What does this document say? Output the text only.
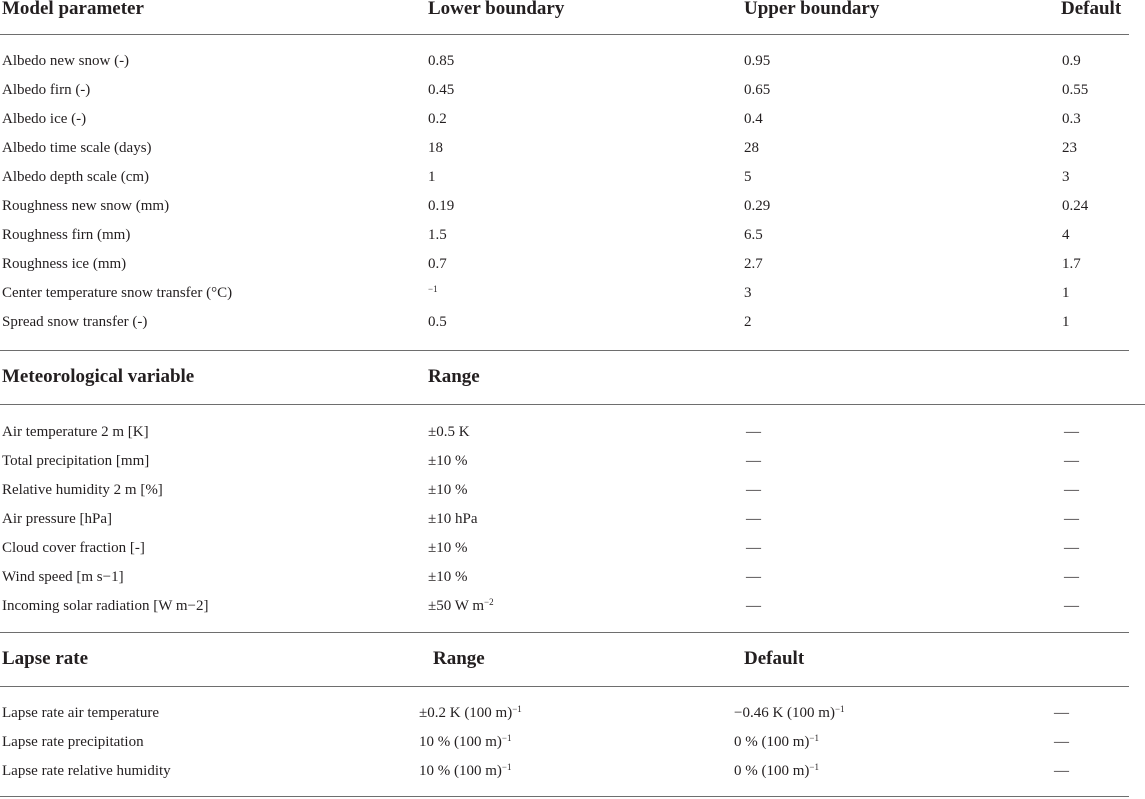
Model parameter	Lower boundary	Upper boundary	Default
Albedo new snow (-)	0.85	0.95	0.9
Albedo firn (-)	0.45	0.65	0.55
Albedo ice (-)	0.2	0.4	0.3
Albedo time scale (days)	18	28	23
Albedo depth scale (cm)	1	5	3
Roughness new snow (mm)	0.19	0.29	0.24
Roughness firn (mm)	1.5	6.5	4
Roughness ice (mm)	0.7	2.7	1.7
Center temperature snow transfer (°C)	$^{-1}$	3	1
Spread snow transfer (-)	0.5	2	1
Meteorological variable	Range
Air temperature 2 m [K]	±0.5 K	—	—
Total precipitation [mm]	±10 %	—	—
Relative humidity 2 m [%]	±10 %	—	—
Air pressure [hPa]	±10 hPa	—	—
Cloud cover fraction [-]	±10 %	—	—
Wind speed [m s−1]	±10 %	—	—
Incoming solar radiation [W m−2]	±50 W $m^{-2}$	—	—
Lapse rate	Range	Default
Lapse rate air temperature	±0.2 K (100 m)$^{-1}$	−0.46 K (100 m)$^{-1}$	—
Lapse rate precipitation	10 % (100 m)$^{-1}$	0 % (100 m)$^{-1}$	—
Lapse rate relative humidity	10 % (100 m)$^{-1}$	0 % (100 m)$^{-1}$	—
